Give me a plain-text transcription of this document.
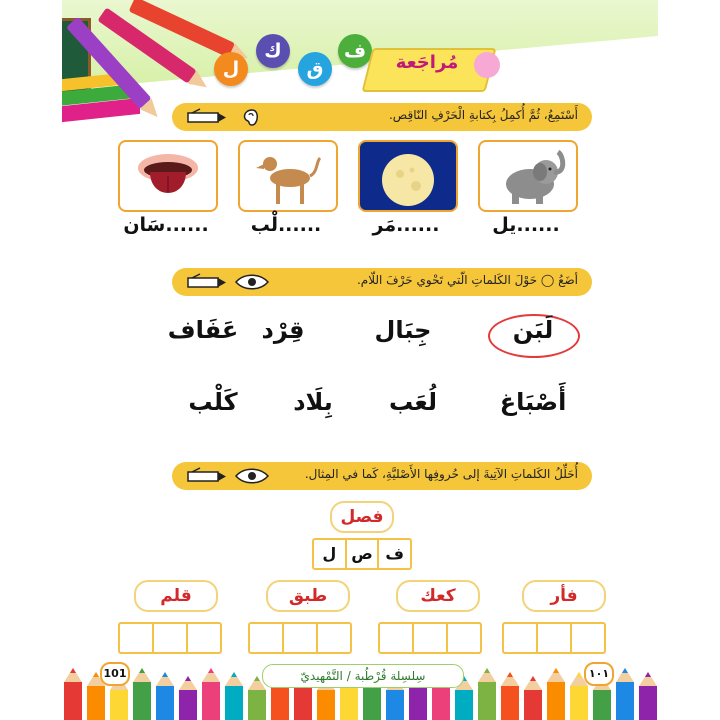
ف
ق
ك
ل	مُراجَعة
أَسْتَمِعُ، ثُمَّ أُكمِلُ بِكتابةِ الْحَرْفِ النّاقِص.
......يل
......مَر
......لْب
......سَان
أضَعُ ◯ حَوْلَ الكَلماتِ الّتي تَحْوي حَرْفَ اللّام.
لَبَن
جِبَال
قِرْد
عَفَاف
أَصْبَاغ
لُعَب
بِلَاد
كَلْب
أُحَلِّلُ الكَلماتِ الآتِيةَ إلى حُروفِها الأَصْليَّةِ، كَما في المِثال.
فصل
ف
ص
ل
فأر
كعك
طبق
قلم
101	١٠١
سِلسِلة قُرْطُبة / التَّمْهيديّ
